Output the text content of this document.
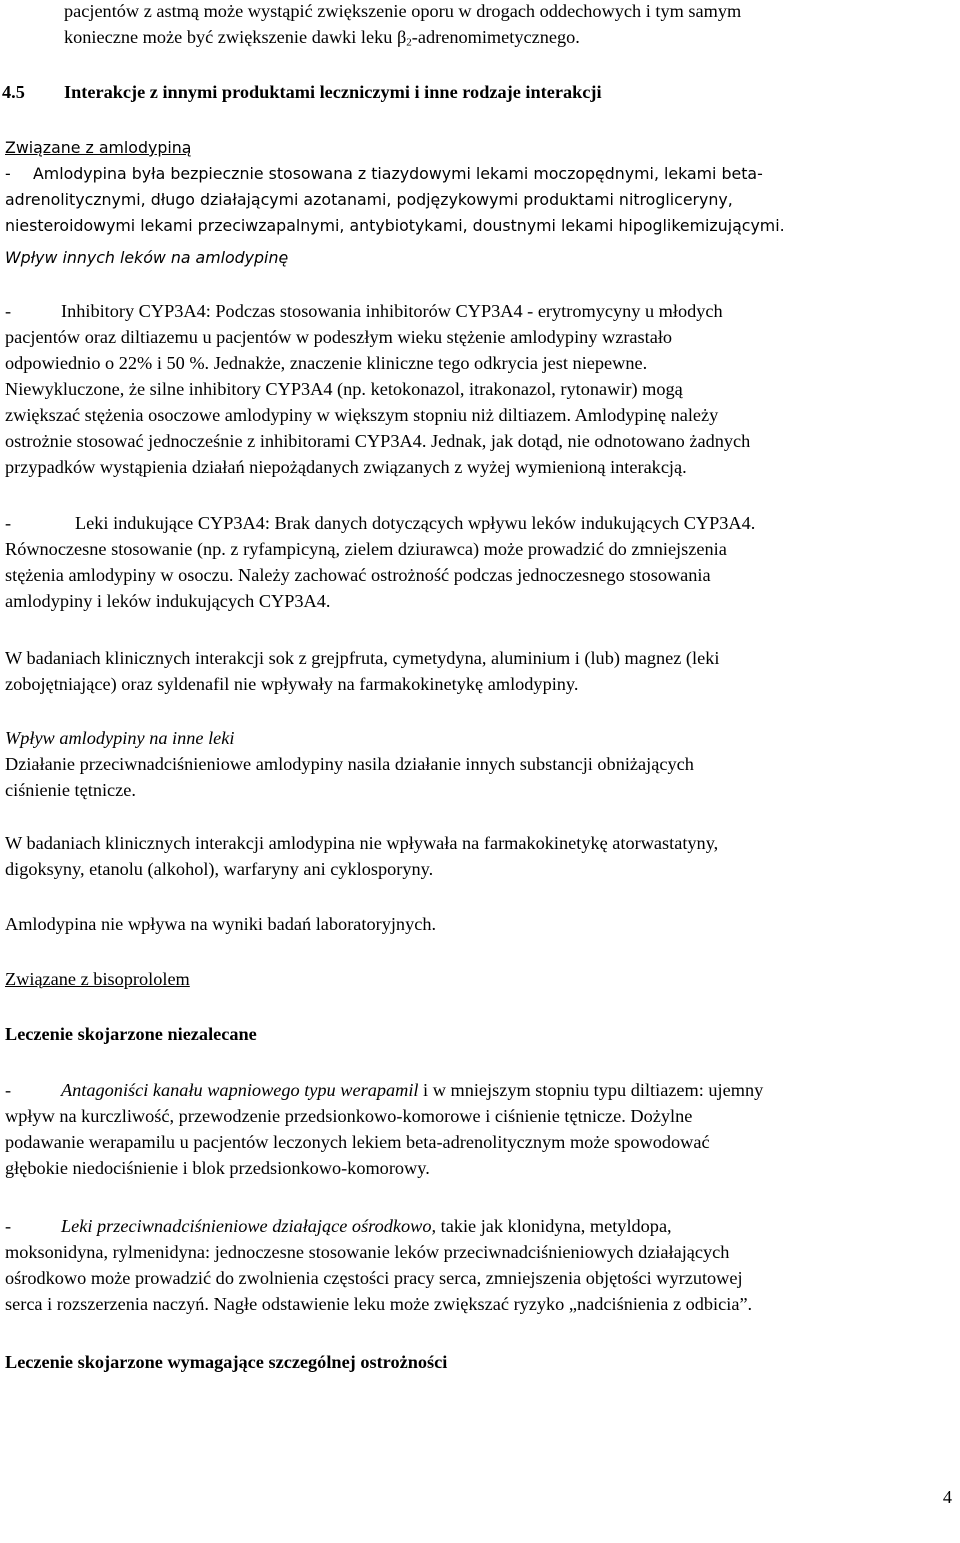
pacjentów z astmą może wystąpić zwiększenie oporu w drogach oddechowych i tym samym
konieczne może być zwiększenie dawki leku $\beta_2$-adrenomimetycznego.
4.5 Interakcje z innymi produktami leczniczymi i inne rodzaje interakcji
Związane z amlodypiną
- Amlodypina była bezpiecznie stosowana z tiazydowymi lekami moczopędnymi, lekami beta-
adrenolitycznymi, długo działającymi azotanami, podjęzykowymi produktami nitrogliceryny,
niesteroidowymi lekami przeciwzapalnymi, antybiotykami, doustnymi lekami hipoglikemizującymi.
Wpływ innych leków na amlodypinę
-	Inhibitory CYP3A4: Podczas stosowania inhibitorów CYP3A4 - erytromycyny u młodych
pacjentów oraz diltiazemu u pacjentów w podeszłym wieku stężenie amlodypiny wzrastało
odpowiednio o 22% i 50 %. Jednakże, znaczenie kliniczne tego odkrycia jest niepewne.
Niewykluczone, że silne inhibitory CYP3A4 (np. ketokonazol, itrakonazol, rytonawir) mogą
zwiększać stężenia osoczowe amlodypiny w większym stopniu niż diltiazem. Amlodypinę należy
ostrożnie stosować jednocześnie z inhibitorami CYP3A4. Jednak, jak dotąd, nie odnotowano żadnych
przypadków wystąpienia działań niepożądanych związanych z wyżej wymienioną interakcją.
-	Leki indukujące CYP3A4: Brak danych dotyczących wpływu leków indukujących CYP3A4.
Równoczesne stosowanie (np. z ryfampicyną, zielem dziurawca) może prowadzić do zmniejszenia
stężenia amlodypiny w osoczu. Należy zachować ostrożność podczas jednoczesnego stosowania
amlodypiny i leków indukujących CYP3A4.
W badaniach klinicznych interakcji sok z grejpfruta, cymetydyna, aluminium i (lub) magnez (leki
zobojętniające) oraz syldenafil nie wpływały na farmakokinetykę amlodypiny.
Wpływ amlodypiny na inne leki
Działanie przeciwnadciśnieniowe amlodypiny nasila działanie innych substancji obniżających
ciśnienie tętnicze.
W badaniach klinicznych interakcji amlodypina nie wpływała na farmakokinetykę atorwastatyny,
digoksyny, etanolu (alkohol), warfaryny ani cyklosporyny.
Amlodypina nie wpływa na wyniki badań laboratoryjnych.
Związane z bisoprololem
Leczenie skojarzone niezalecane
-	Antagoniści kanału wapniowego typu werapamil i w mniejszym stopniu typu diltiazem: ujemny
wpływ na kurczliwość, przewodzenie przedsionkowo-komorowe i ciśnienie tętnicze. Dożylne
podawanie werapamilu u pacjentów leczonych lekiem beta-adrenolitycznym może spowodować
głębokie niedociśnienie i blok przedsionkowo-komorowy.
-	Leki przeciwnadciśnieniowe działające ośrodkowo, takie jak klonidyna, metyldopa,
moksonidyna, rylmenidyna: jednoczesne stosowanie leków przeciwnadciśnieniowych działających
ośrodkowo może prowadzić do zwolnienia częstości pracy serca, zmniejszenia objętości wyrzutowej
serca i rozszerzenia naczyń. Nagłe odstawienie leku może zwiększać ryzyko „nadciśnienia z odbicia”.
Leczenie skojarzone wymagające szczególnej ostrożności
4
